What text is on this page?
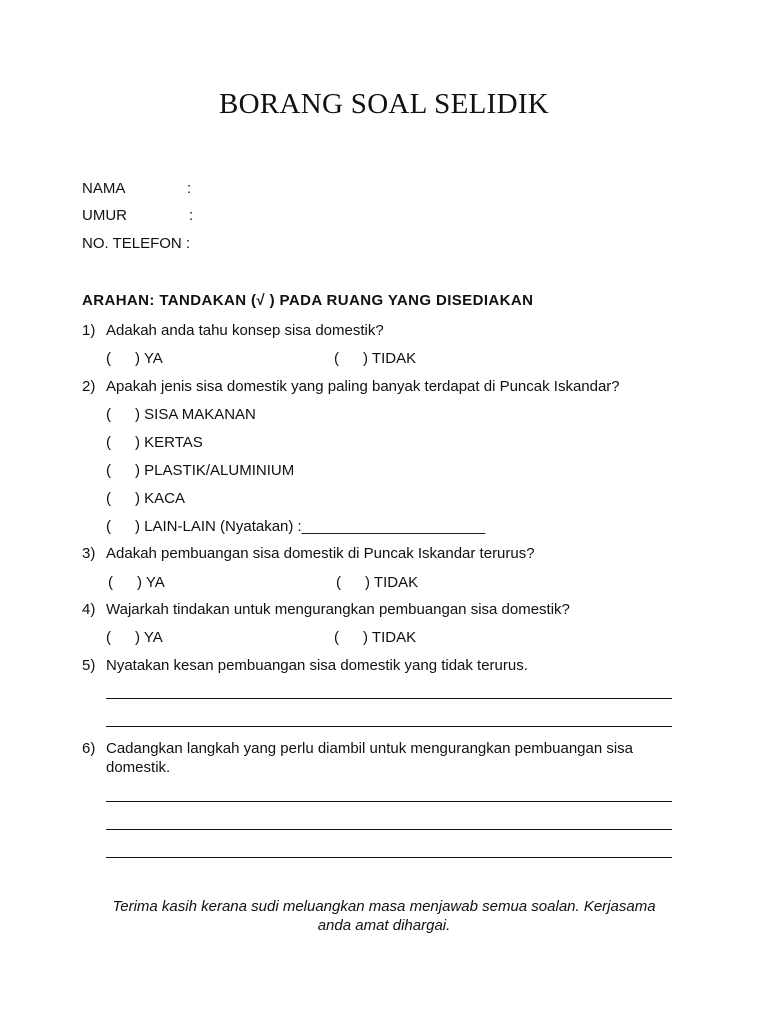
BORANG SOAL SELIDIK
NAMA	:
UMUR	:
NO. TELEFON :
ARAHAN: TANDAKAN (√ ) PADA RUANG YANG DISEDIAKAN
1) Adakah anda tahu konsep sisa domestik?
( ) YA	( ) TIDAK
2) Apakah jenis sisa domestik yang paling banyak terdapat di Puncak Iskandar?
( ) SISA MAKANAN
( ) KERTAS
( ) PLASTIK/ALUMINIUM
( ) KACA
( ) LAIN-LAIN (Nyatakan) :______________________
3) Adakah pembuangan sisa domestik di Puncak Iskandar terurus?
( ) YA	( ) TIDAK
4) Wajarkah tindakan untuk mengurangkan pembuangan sisa domestik?
( ) YA	( ) TIDAK
5) Nyatakan kesan pembuangan sisa domestik yang tidak terurus.
6) Cadangkan langkah yang perlu diambil untuk mengurangkan pembuangan sisa
domestik.
Terima kasih kerana sudi meluangkan masa menjawab semua soalan. Kerjasama
anda amat dihargai.
